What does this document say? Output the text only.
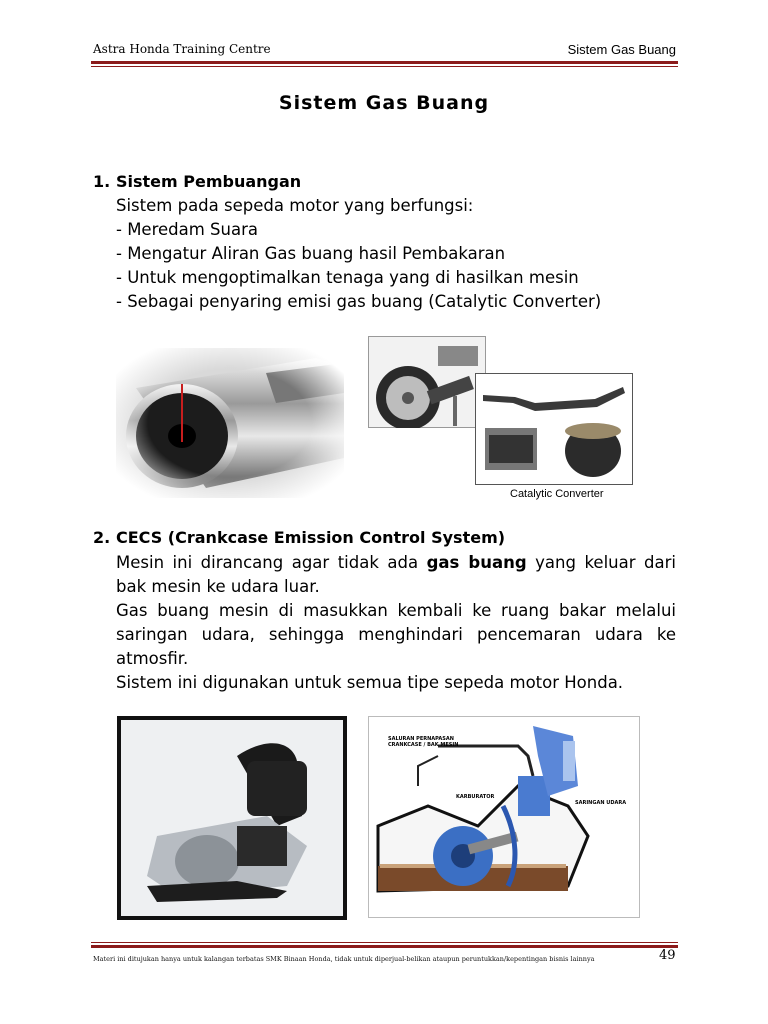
Astra Honda Training Centre	Sistem Gas Buang
Sistem Gas Buang
1. Sistem Pembuangan
Sistem pada sepeda motor yang berfungsi:
- Meredam Suara
- Mengatur Aliran Gas buang hasil Pembakaran
- Untuk mengoptimalkan tenaga yang di hasilkan mesin
- Sebagai penyaring emisi gas buang (Catalytic Converter)
Catalytic Converter
2. CECS (Crankcase Emission Control System)
Mesin ini dirancang agar tidak ada gas buang yang keluar dari bak mesin ke udara luar.
Gas buang mesin di masukkan kembali ke ruang bakar melalui saringan udara, sehingga menghindari pencemaran udara ke atmosfir.
Sistem ini digunakan untuk semua tipe sepeda motor Honda.
SALURAN PERNAPASAN
CRANKCASE / BAK MESIN
KARBURATOR
SARINGAN UDARA
Materi ini ditujukan hanya untuk kalangan terbatas SMK Binaan Honda, tidak untuk diperjual-belikan ataupun peruntukkan/kepentingan bisnis lainnya	49
